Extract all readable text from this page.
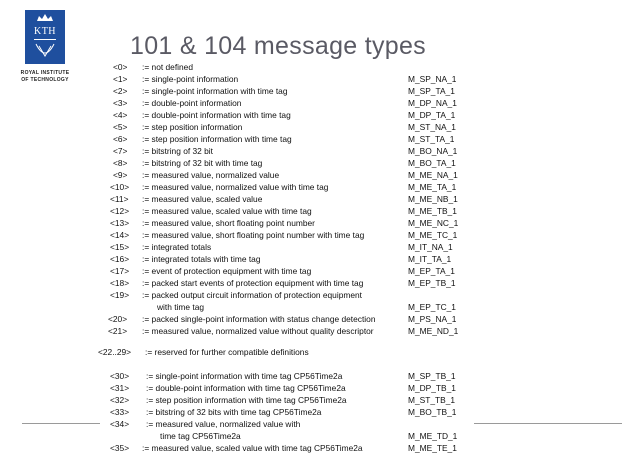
KTH
ROYAL INSTITUTE
OF TECHNOLOGY
101 & 104 message types
<0> := not defined
<1> := single-point information	M_SP_NA_1
<2> := single-point information with time tag	M_SP_TA_1
<3> := double-point information	M_DP_NA_1
<4> := double-point information with time tag	M_DP_TA_1
<5> := step position information	M_ST_NA_1
<6> := step position information with time tag	M_ST_TA_1
<7> := bitstring of 32 bit	M_BO_NA_1
<8> := bitstring of 32 bit with time tag	M_BO_TA_1
<9> := measured value, normalized value	M_ME_NA_1
<10> := measured value, normalized value with time tag	M_ME_TA_1
<11> := measured value, scaled value	M_ME_NB_1
<12> := measured value, scaled value with time tag	M_ME_TB_1
<13> := measured value, short floating point number	M_ME_NC_1
<14> := measured value, short floating point number with time tag	M_ME_TC_1
<15> := integrated totals	M_IT_NA_1
<16> := integrated totals with time tag	M_IT_TA_1
<17> := event of protection equipment with time tag	M_EP_TA_1
<18> := packed start events of protection equipment with time tag	M_EP_TB_1
<19> := packed output circuit information of protection equipment
with time tag	M_EP_TC_1
<20> := packed single-point information with status change detection	M_PS_NA_1
<21> := measured value, normalized value without quality descriptor	M_ME_ND_1
<22..29> := reserved for further compatible definitions
<30> := single-point information with time tag CP56Time2a	M_SP_TB_1
<31> := double-point information with time tag CP56Time2a	M_DP_TB_1
<32> := step position information with time tag CP56Time2a	M_ST_TB_1
<33> := bitstring of 32 bits with time tag CP56Time2a	M_BO_TB_1
<34> := measured value, normalized value with
time tag CP56Time2a	M_ME_TD_1
<35> := measured value, scaled value with time tag CP56Time2a	M_ME_TE_1
